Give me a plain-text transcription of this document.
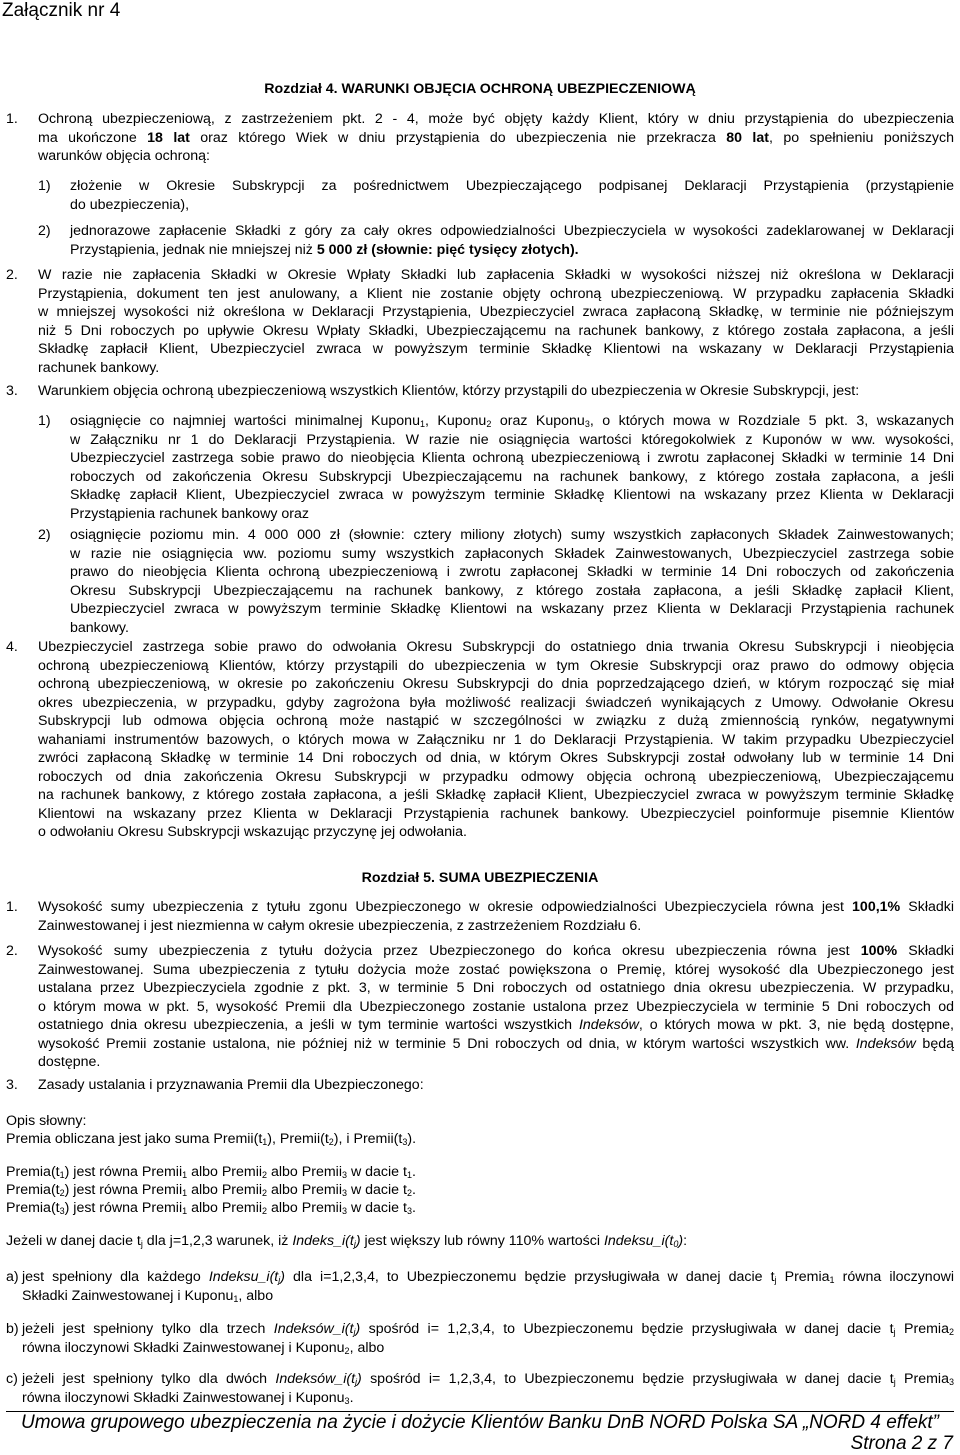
Załącznik nr 4
Rozdział 4. WARUNKI OBJĘCIA OCHRONĄ UBEZPIECZENIOWĄ
1. Ochroną ubezpieczeniową, z zastrzeżeniem pkt. 2 - 4, może być objęty każdy Klient, który w dniu przystąpienia do ubezpieczenia
ma ukończone 18 lat oraz którego Wiek w dniu przystąpienia do ubezpieczenia nie przekracza 80 lat, po spełnieniu poniższych
warunków objęcia ochroną:
1) złożenie w Okresie Subskrypcji za pośrednictwem Ubezpieczającego podpisanej Deklaracji Przystąpienia (przystąpienie
do ubezpieczenia),
2) jednorazowe zapłacenie Składki z góry za cały okres odpowiedzialności Ubezpieczyciela w wysokości zadeklarowanej w Deklaracji
Przystąpienia, jednak nie mniejszej niż 5 000 zł (słownie: pięć tysięcy złotych).
2. W razie nie zapłacenia Składki w Okresie Wpłaty Składki lub zapłacenia Składki w wysokości niższej niż określona w Deklaracji
Przystąpienia, dokument ten jest anulowany, a Klient nie zostanie objęty ochroną ubezpieczeniową. W przypadku zapłacenia Składki
w mniejszej wysokości niż określona w Deklaracji Przystąpienia, Ubezpieczyciel zwraca zapłaconą Składkę, w terminie nie późniejszym
niż 5 Dni roboczych po upływie Okresu Wpłaty Składki, Ubezpieczającemu na rachunek bankowy, z którego została zapłacona, a jeśli
Składkę zapłacił Klient, Ubezpieczyciel zwraca w powyższym terminie Składkę Klientowi na wskazany w Deklaracji Przystąpienia
rachunek bankowy.
3. Warunkiem objęcia ochroną ubezpieczeniową wszystkich Klientów, którzy przystąpili do ubezpieczenia w Okresie Subskrypcji, jest:
1) osiągnięcie co najmniej wartości minimalnej Kuponu$_1$, Kuponu$_2$ oraz Kuponu$_3$, o których mowa w Rozdziale 5 pkt. 3, wskazanych
w Załączniku nr 1 do Deklaracji Przystąpienia. W razie nie osiągnięcia wartości któregokolwiek z Kuponów w ww. wysokości,
Ubezpieczyciel zastrzega sobie prawo do nieobjęcia Klienta ochroną ubezpieczeniową i zwrotu zapłaconej Składki w terminie 14 Dni
roboczych od zakończenia Okresu Subskrypcji Ubezpieczającemu na rachunek bankowy, z którego została zapłacona, a jeśli
Składkę zapłacił Klient, Ubezpieczyciel zwraca w powyższym terminie Składkę Klientowi na wskazany przez Klienta w Deklaracji
Przystąpienia rachunek bankowy oraz
2) osiągnięcie poziomu min. 4 000 000 zł (słownie: cztery miliony złotych) sumy wszystkich zapłaconych Składek Zainwestowanych;
w razie nie osiągnięcia ww. poziomu sumy wszystkich zapłaconych Składek Zainwestowanych, Ubezpieczyciel zastrzega sobie
prawo do nieobjęcia Klienta ochroną ubezpieczeniową i zwrotu zapłaconej Składki w terminie 14 Dni roboczych od zakończenia
Okresu Subskrypcji Ubezpieczającemu na rachunek bankowy, z którego została zapłacona, a jeśli Składkę zapłacił Klient,
Ubezpieczyciel zwraca w powyższym terminie Składkę Klientowi na wskazany przez Klienta w Deklaracji Przystąpienia rachunek
bankowy.
4. Ubezpieczyciel zastrzega sobie prawo do odwołania Okresu Subskrypcji do ostatniego dnia trwania Okresu Subskrypcji i nieobjęcia
ochroną ubezpieczeniową Klientów, którzy przystąpili do ubezpieczenia w tym Okresie Subskrypcji oraz prawo do odmowy objęcia
ochroną ubezpieczeniową, w okresie po zakończeniu Okresu Subskrypcji do dnia poprzedzającego dzień, w którym rozpocząć się miał
okres ubezpieczenia, w przypadku, gdyby zagrożona była możliwość realizacji świadczeń wynikających z Umowy. Odwołanie Okresu
Subskrypcji lub odmowa objęcia ochroną może nastąpić w szczególności w związku z dużą zmiennością rynków, negatywnymi
wahaniami instrumentów bazowych, o których mowa w Załączniku nr 1 do Deklaracji Przystąpienia. W takim przypadku Ubezpieczyciel
zwróci zapłaconą Składkę w terminie 14 Dni roboczych od dnia, w którym Okres Subskrypcji został odwołany lub w terminie 14 Dni
roboczych od dnia zakończenia Okresu Subskrypcji w przypadku odmowy objęcia ochroną ubezpieczeniową, Ubezpieczającemu
na rachunek bankowy, z którego została zapłacona, a jeśli Składkę zapłacił Klient, Ubezpieczyciel zwraca w powyższym terminie Składkę
Klientowi na wskazany przez Klienta w Deklaracji Przystąpienia rachunek bankowy. Ubezpieczyciel poinformuje pisemnie Klientów
o odwołaniu Okresu Subskrypcji wskazując przyczynę jej odwołania.
Rozdział 5. SUMA UBEZPIECZENIA
1. Wysokość sumy ubezpieczenia z tytułu zgonu Ubezpieczonego w okresie odpowiedzialności Ubezpieczyciela równa jest 100,1% Składki
Zainwestowanej i jest niezmienna w całym okresie ubezpieczenia, z zastrzeżeniem Rozdziału 6.
2. Wysokość sumy ubezpieczenia z tytułu dożycia przez Ubezpieczonego do końca okresu ubezpieczenia równa jest 100% Składki
Zainwestowanej. Suma ubezpieczenia z tytułu dożycia może zostać powiększona o Premię, której wysokość dla Ubezpieczonego jest
ustalana przez Ubezpieczyciela zgodnie z pkt. 3, w terminie 5 Dni roboczych od ostatniego dnia okresu ubezpieczenia. W przypadku,
o którym mowa w pkt. 5, wysokość Premii dla Ubezpieczonego zostanie ustalona przez Ubezpieczyciela w terminie 5 Dni roboczych od
ostatniego dnia okresu ubezpieczenia, a jeśli w tym terminie wartości wszystkich Indeksów, o których mowa w pkt. 3, nie będą dostępne,
wysokość Premii zostanie ustalona, nie później niż w terminie 5 Dni roboczych od dnia, w którym wartości wszystkich ww. Indeksów będą
dostępne.
3. Zasady ustalania i przyznawania Premii dla Ubezpieczonego:
Opis słowny:
Premia obliczana jest jako suma $Premii(t_1)$, $Premii(t_2)$, i $Premii(t_3)$.
$Premia(t_1)$ jest równa Premii$_1$ albo Premii$_2$ albo Premii$_3$ w dacie $t_1$.
$Premia(t_2)$ jest równa Premii$_1$ albo Premii$_2$ albo Premii$_3$ w dacie $t_2$.
$Premia(t_3)$ jest równa Premii$_1$ albo Premii$_2$ albo Premii$_3$ w dacie $t_3$.
Jeżeli w danej dacie $t_j$ dla j=1,2,3 warunek, iż $Indeks\_i(t_j)$ jest większy lub równy 110% wartości $Indeksu\_i(t_0)$:
a) jest spełniony dla każdego $Indeksu\_i(t_j)$ dla i=1,2,3,4, to Ubezpieczonemu będzie przysługiwała w danej dacie $t_j$ Premia$_1$ równa iloczynowi
Składki Zainwestowanej i Kuponu$_1$, albo
b) jeżeli jest spełniony tylko dla trzech $Indeksów\_i(t_j)$ spośród i= 1,2,3,4, to Ubezpieczonemu będzie przysługiwała w danej dacie $t_j$ Premia$_2$
równa iloczynowi Składki Zainwestowanej i Kuponu$_2$, albo
c) jeżeli jest spełniony tylko dla dwóch $Indeksów\_i(t_j)$ spośród i= 1,2,3,4, to Ubezpieczonemu będzie przysługiwała w danej dacie $t_j$ Premia$_3$
równa iloczynowi Składki Zainwestowanej i Kuponu$_3$.
Umowa grupowego ubezpieczenia na życie i dożycie Klientów Banku DnB NORD Polska SA „NORD 4 effekt”
Strona 2 z 7
